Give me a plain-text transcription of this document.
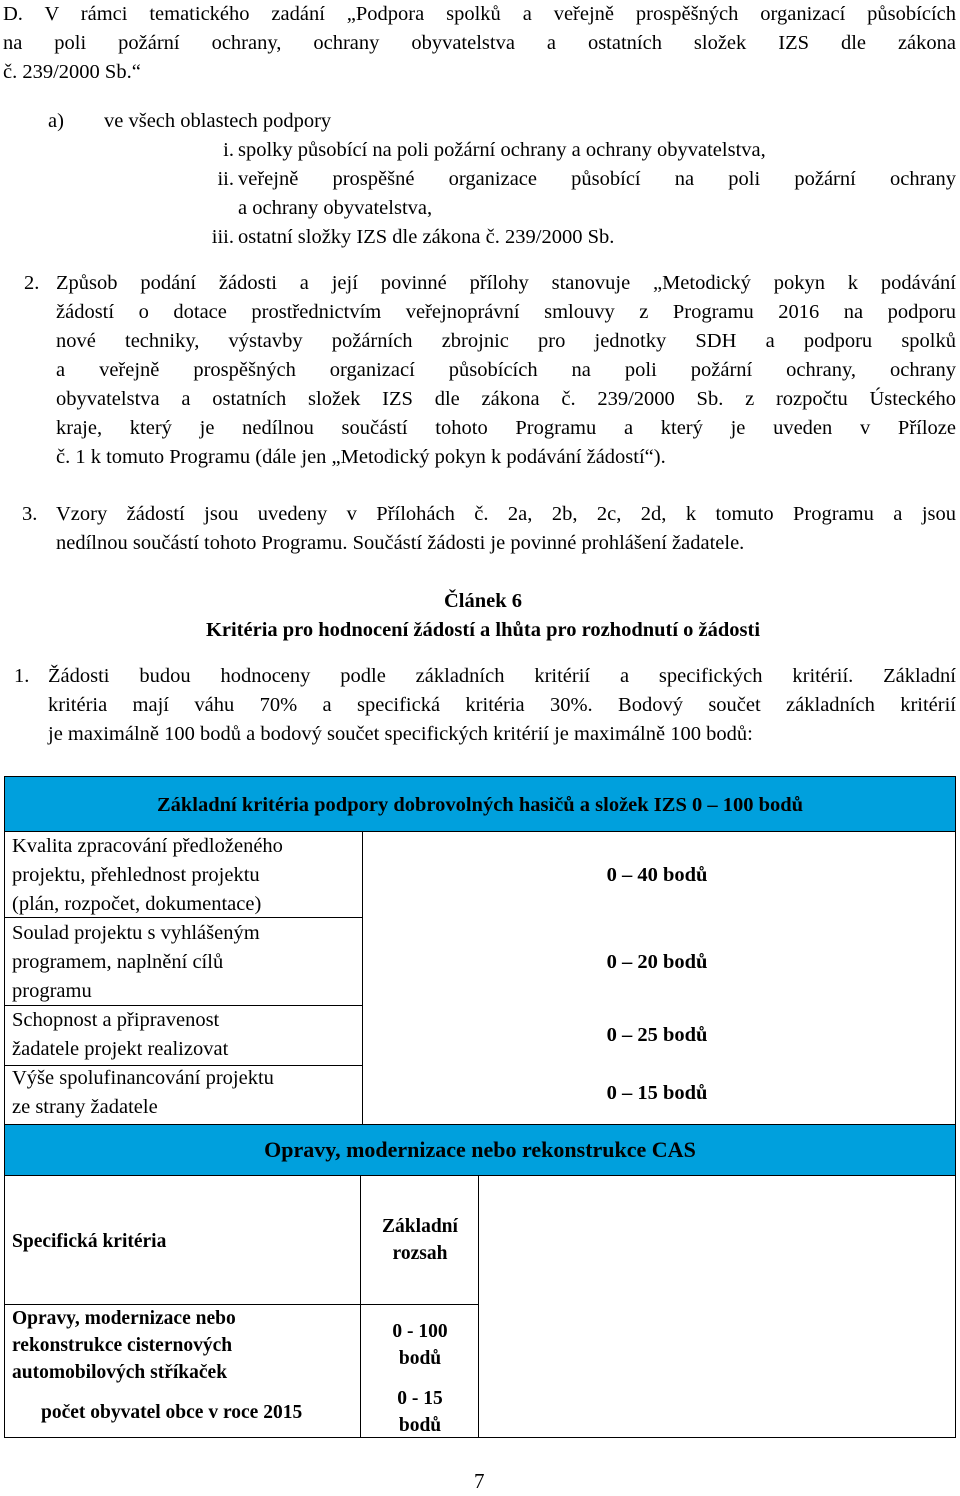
D. V rámci tematického zadání „Podpora spolků a veřejně prospěšných organizací působících
na poli požární ochrany, ochrany obyvatelstva a ostatních složek IZS dle zákona
č. 239/2000 Sb.“
a) ve všech oblastech podpory
i. spolky působící na poli požární ochrany a ochrany obyvatelstva,
ii. veřejně prospěšné organizace působící na poli požární ochrany
a ochrany obyvatelstva,
iii. ostatní složky IZS dle zákona č. 239/2000 Sb.
2. Způsob podání žádosti a její povinné přílohy stanovuje „Metodický pokyn k podávání
žádostí o dotace prostřednictvím veřejnoprávní smlouvy z Programu 2016 na podporu
nové techniky, výstavby požárních zbrojnic pro jednotky SDH a podporu spolků
a veřejně prospěšných organizací působících na poli požární ochrany, ochrany
obyvatelstva a ostatních složek IZS dle zákona č. 239/2000 Sb. z rozpočtu Ústeckého
kraje, který je nedílnou součástí tohoto Programu a který je uveden v Příloze
č. 1 k tomuto Programu (dále jen „Metodický pokyn k podávání žádostí“).
3. Vzory žádostí jsou uvedeny v Přílohách č. 2a, 2b, 2c, 2d, k tomuto Programu a jsou
nedílnou součástí tohoto Programu. Součástí žádosti je povinné prohlášení žadatele.
Článek 6
Kritéria pro hodnocení žádostí a lhůta pro rozhodnutí o žádosti
1. Žádosti budou hodnoceny podle základních kritérií a specifických kritérií. Základní
kritéria mají váhu 70% a specifická kritéria 30%. Bodový součet základních kritérií
je maximálně 100 bodů a bodový součet specifických kritérií je maximálně 100 bodů:
Základní kritéria podpory dobrovolných hasičů a složek IZS 0 – 100 bodů
Kvalita zpracování předloženého
projektu, přehlednost projektu
(plán, rozpočet, dokumentace)
0 – 40 bodů
Soulad projektu s vyhlášeným
programem, naplnění cílů
programu
0 – 20 bodů
Schopnost a připravenost
žadatele projekt realizovat
0 – 25 bodů
Výše spolufinancování projektu
ze strany žadatele
0 – 15 bodů
Opravy, modernizace nebo rekonstrukce CAS
Specifická kritéria
Základní
rozsah
Opravy, modernizace nebo
rekonstrukce cisternových
automobilových stříkaček
0 - 100
bodů
počet obyvatel obce v roce 2015
0 - 15
bodů
7
